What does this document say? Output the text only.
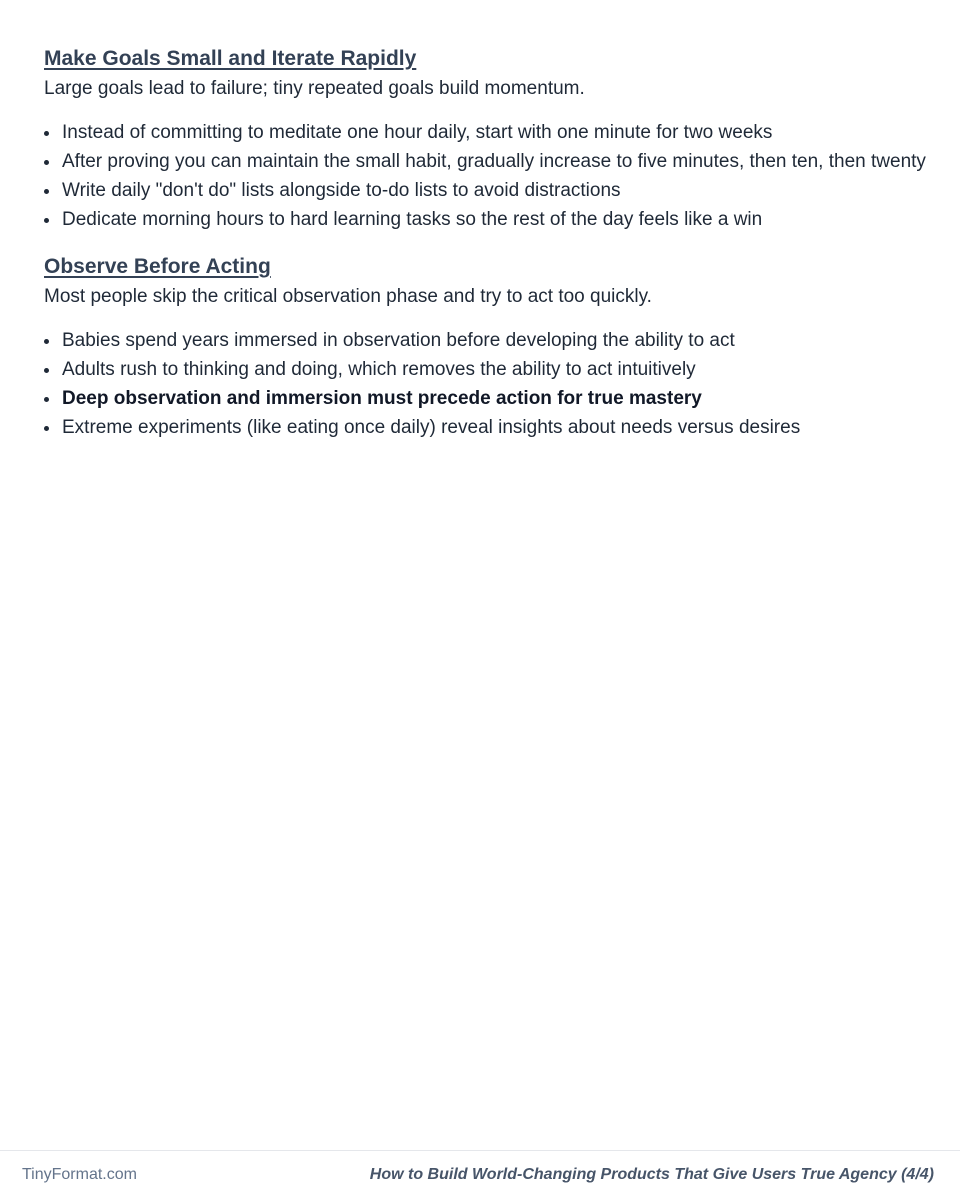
Make Goals Small and Iterate Rapidly

Large goals lead to failure; tiny repeated goals build momentum.

Instead of committing to meditate one hour daily, start with one minute for two weeks
After proving you can maintain the small habit, gradually increase to five minutes, then ten, then twenty
Write daily "don't do" lists alongside to-do lists to avoid distractions
Dedicate morning hours to hard learning tasks so the rest of the day feels like a win
Observe Before Acting

Most people skip the critical observation phase and try to act too quickly.

Babies spend years immersed in observation before developing the ability to act
Adults rush to thinking and doing, which removes the ability to act intuitively
Deep observation and immersion must precede action for true mastery
Extreme experiments (like eating once daily) reveal insights about needs versus desires
TinyFormat.com	How to Build World-Changing Products That Give Users True Agency (4/4)
